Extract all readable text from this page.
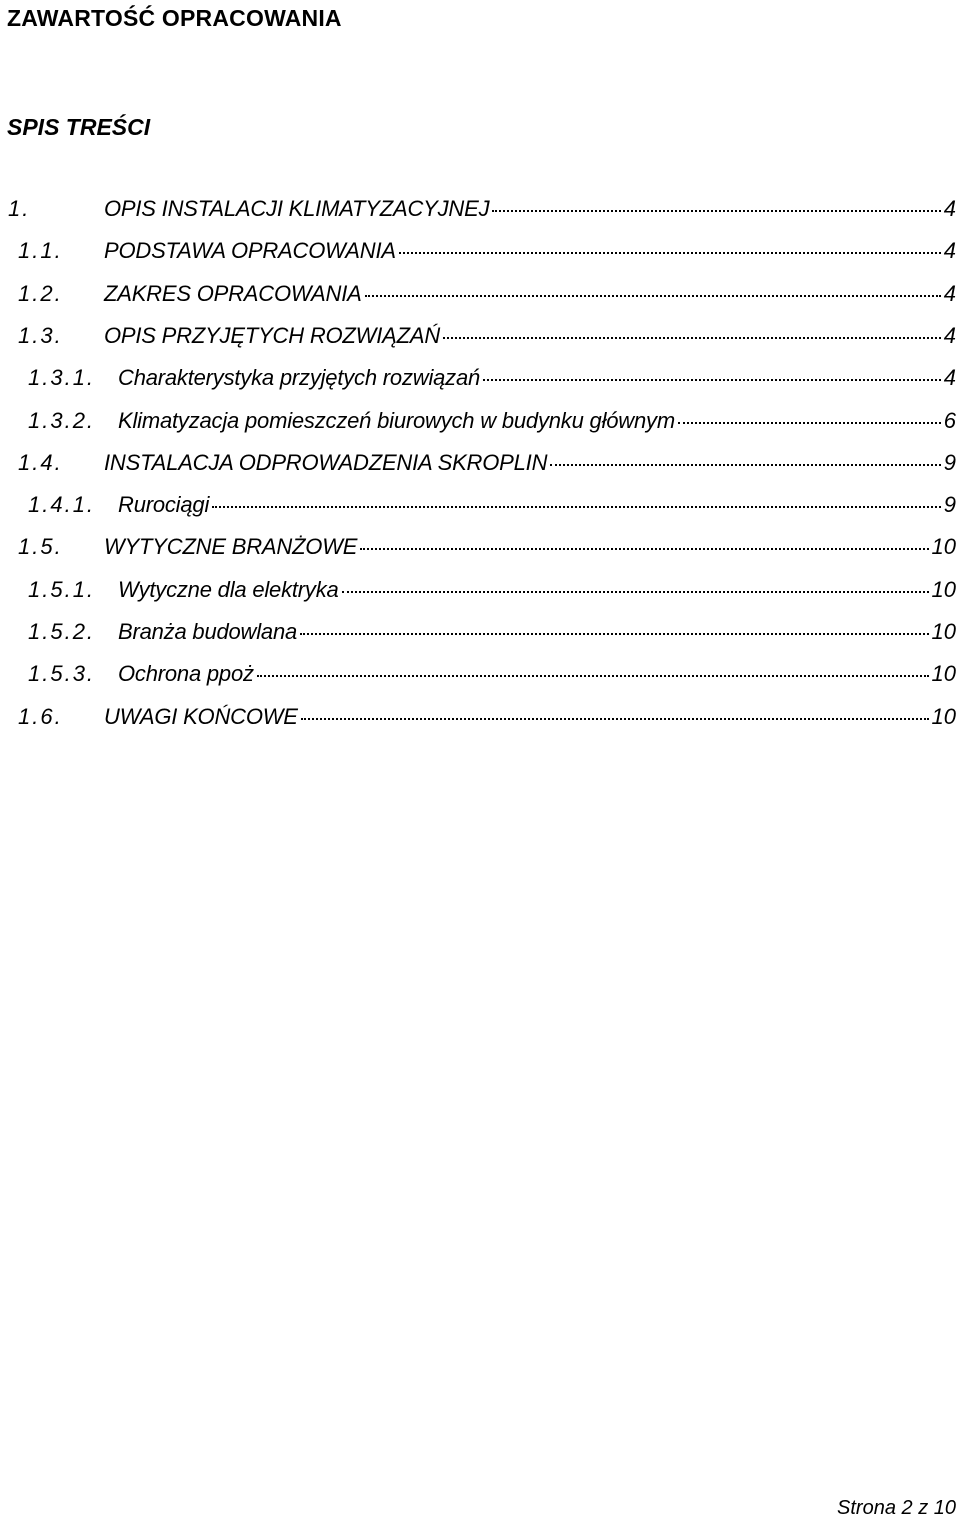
ZAWARTOŚĆ OPRACOWANIA
SPIS TREŚCI
1.	OPIS INSTALACJI KLIMATYZACYJNEJ	4
1.1. PODSTAWA OPRACOWANIA	4
1.2. ZAKRES OPRACOWANIA	4
1.3. OPIS PRZYJĘTYCH ROZWIĄZAŃ	4
1.3.1. Charakterystyka przyjętych rozwiązań	4
1.3.2. Klimatyzacja pomieszczeń biurowych w budynku głównym	6
1.4. INSTALACJA ODPROWADZENIA SKROPLIN	9
1.4.1. Rurociągi	9
1.5. WYTYCZNE BRANŻOWE	10
1.5.1. Wytyczne dla elektryka	10
1.5.2. Branża budowlana	10
1.5.3. Ochrona ppoż	10
1.6. UWAGI KOŃCOWE	10
Strona 2 z 10
